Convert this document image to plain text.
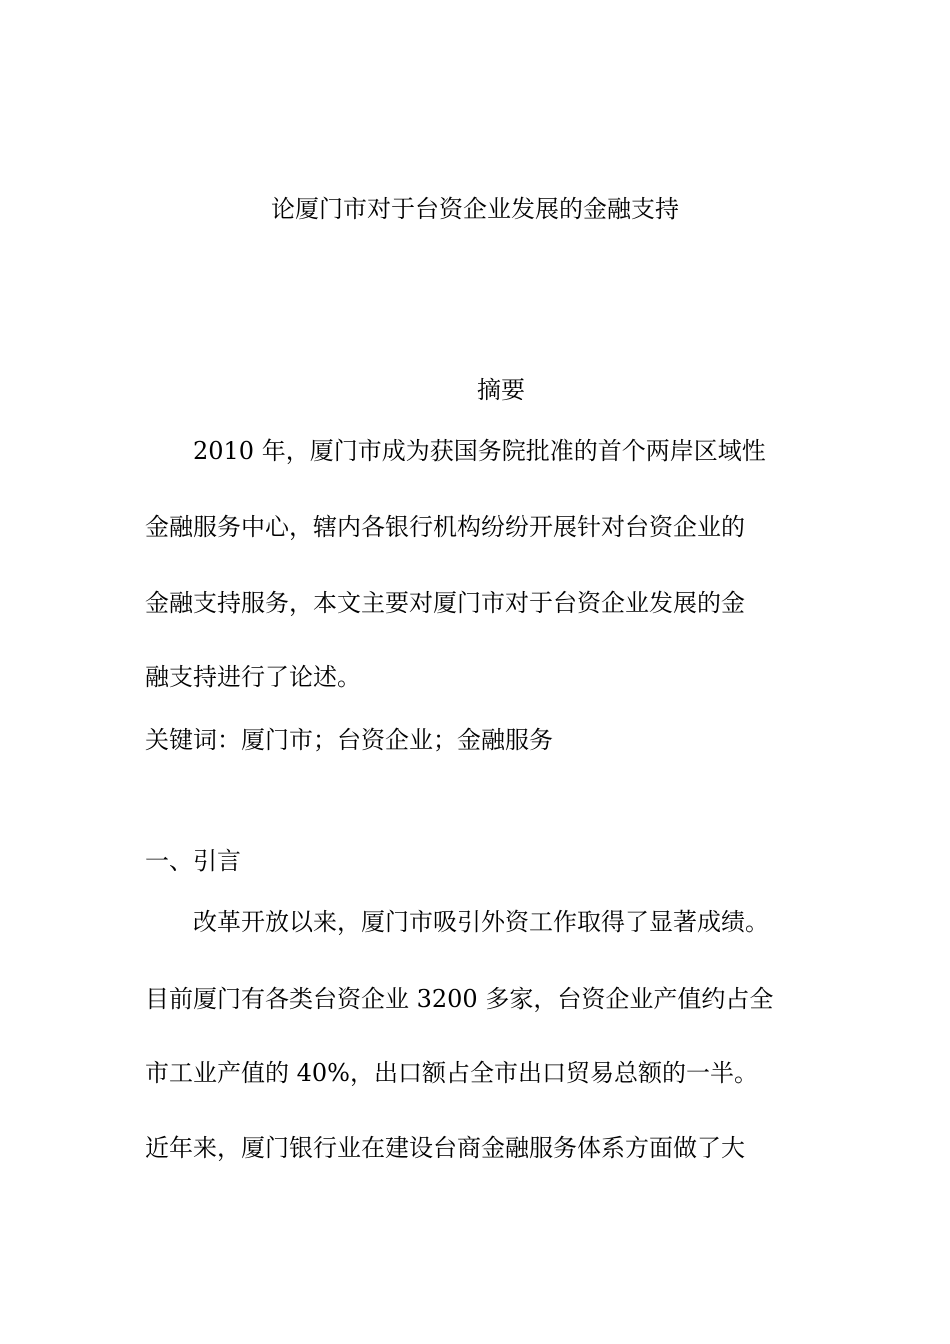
论厦门市对于台资企业发展的金融支持
摘要
2010 年，厦门市成为获国务院批准的首个两岸区域性
金融服务中心，辖内各银行机构纷纷开展针对台资企业的
金融支持服务，本文主要对厦门市对于台资企业发展的金
融支持进行了论述。
关键词：厦门市；台资企业；金融服务
一、引言
改革开放以来，厦门市吸引外资工作取得了显著成绩。
目前厦门有各类台资企业 3200 多家，台资企业产值约占全
市工业产值的 40%，出口额占全市出口贸易总额的一半。
近年来，厦门银行业在建设台商金融服务体系方面做了大
